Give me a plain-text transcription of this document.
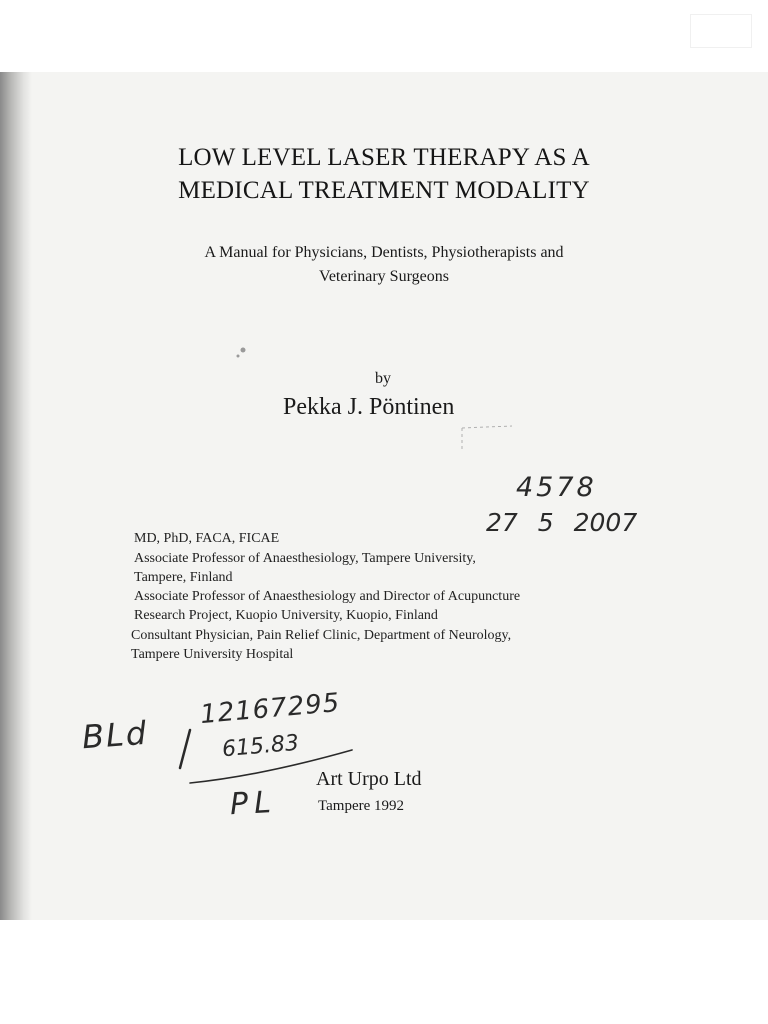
LOW LEVEL LASER THERAPY AS A
MEDICAL TREATMENT MODALITY
A Manual for Physicians, Dentists, Physiotherapists and
Veterinary Surgeons
by
Pekka J. Pöntinen
MD, PhD, FACA, FICAE
Associate Professor of Anaesthesiology, Tampere University,
Tampere, Finland
Associate Professor of Anaesthesiology and Director of Acupuncture
Research Project, Kuopio University, Kuopio, Finland
Consultant Physician, Pain Relief Clinic, Department of Neurology,
Tampere University Hospital
Art Urpo Ltd
Tampere 1992
4578
27 5 2007
BLd
12167295
615.83
PL
